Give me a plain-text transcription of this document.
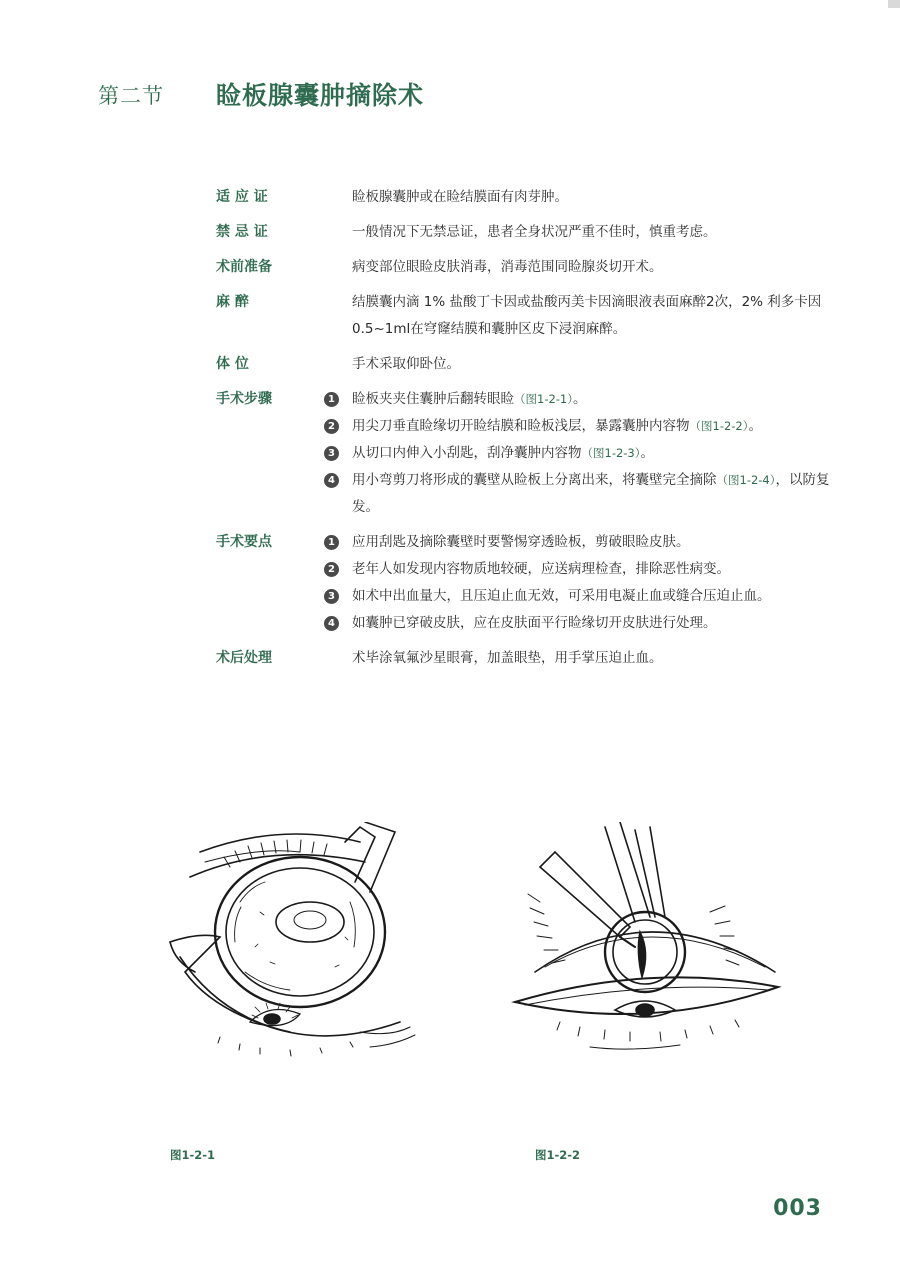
第二节 睑板腺囊肿摘除术
适 应 证	睑板腺囊肿或在睑结膜面有肉芽肿。
禁 忌 证	一般情况下无禁忌证，患者全身状况严重不佳时，慎重考虑。
术前准备	病变部位眼睑皮肤消毒，消毒范围同睑腺炎切开术。
麻 醉	结膜囊内滴 1% 盐酸丁卡因或盐酸丙美卡因滴眼液表面麻醉2次，2% 利多卡因0.5~1ml在穹窿结膜和囊肿区皮下浸润麻醉。
体 位	手术采取仰卧位。
手术步骤	1 睑板夹夹住囊肿后翻转眼睑（图1-2-1）。
2 用尖刀垂直睑缘切开睑结膜和睑板浅层，暴露囊肿内容物（图1-2-2）。
3 从切口内伸入小刮匙，刮净囊肿内容物（图1-2-3）。
4 用小弯剪刀将形成的囊壁从睑板上分离出来，将囊壁完全摘除（图1-2-4），以防复发。
手术要点	1 应用刮匙及摘除囊壁时要警惕穿透睑板，剪破眼睑皮肤。
2 老年人如发现内容物质地较硬，应送病理检查，排除恶性病变。
3 如术中出血量大，且压迫止血无效，可采用电凝止血或缝合压迫止血。
4 如囊肿已穿破皮肤，应在皮肤面平行睑缘切开皮肤进行处理。
术后处理	术毕涂氧氟沙星眼膏，加盖眼垫，用手掌压迫止血。
图1-2-1	图1-2-2
003
